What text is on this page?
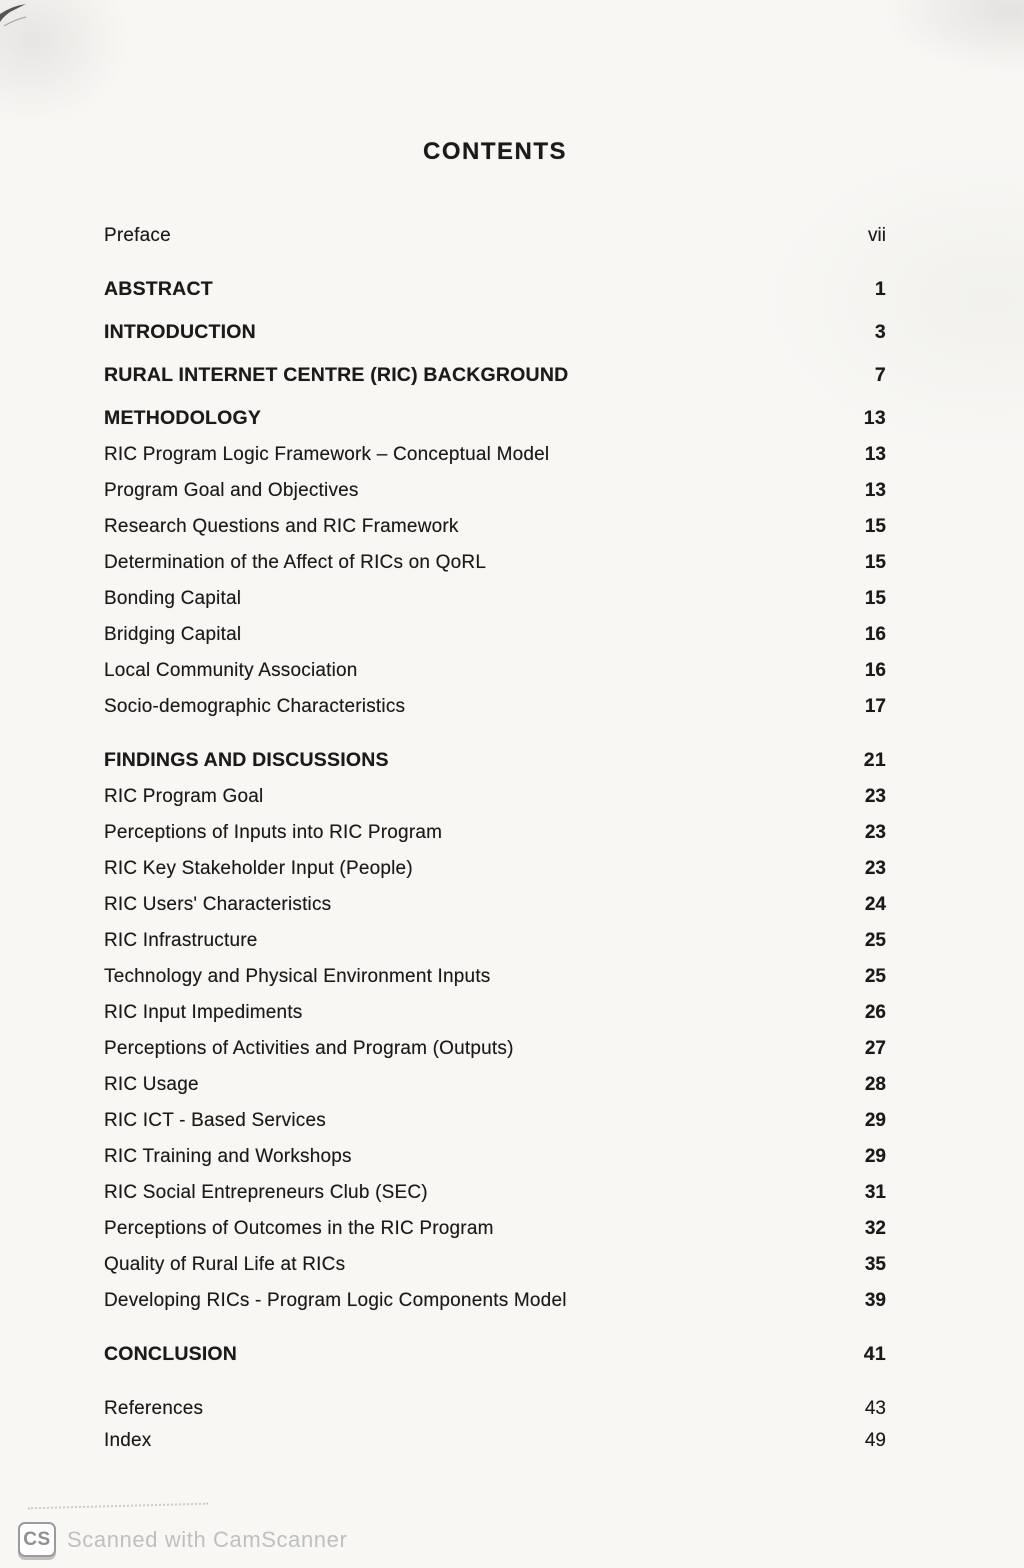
CONTENTS
Preface	vii
ABSTRACT	1
INTRODUCTION	3
RURAL INTERNET CENTRE (RIC) BACKGROUND	7
METHODOLOGY	13
RIC Program Logic Framework – Conceptual Model	13
Program Goal and Objectives	13
Research Questions and RIC Framework	15
Determination of the Affect of RICs on QoRL	15
Bonding Capital	15
Bridging Capital	16
Local Community Association	16
Socio-demographic Characteristics	17
FINDINGS AND DISCUSSIONS	21
RIC Program Goal	23
Perceptions of Inputs into RIC Program	23
RIC Key Stakeholder Input (People)	23
RIC Users' Characteristics	24
RIC Infrastructure	25
Technology and Physical Environment Inputs	25
RIC Input Impediments	26
Perceptions of Activities and Program (Outputs)	27
RIC Usage	28
RIC ICT - Based Services	29
RIC Training and Workshops	29
RIC Social Entrepreneurs Club (SEC)	31
Perceptions of Outcomes in the RIC Program	32
Quality of Rural Life at RICs	35
Developing RICs - Program Logic Components Model	39
CONCLUSION	41
References	43
Index	49
CS Scanned with CamScanner
